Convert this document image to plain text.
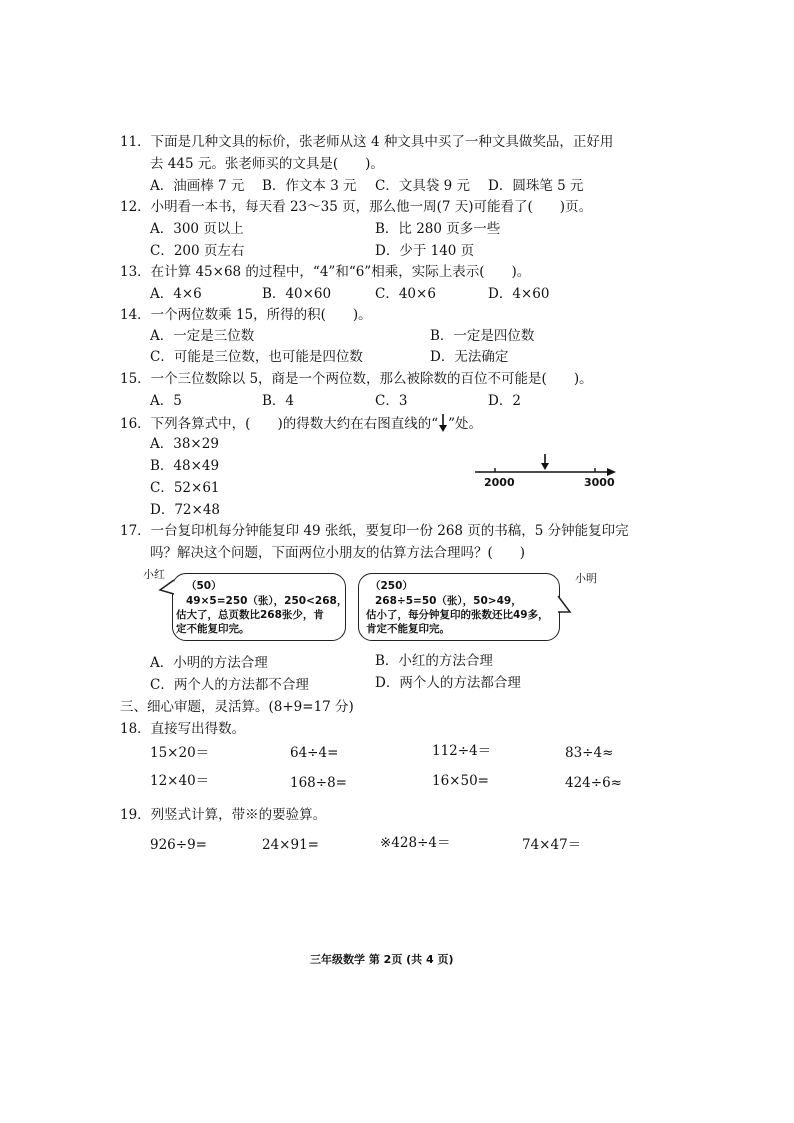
11．下面是几种文具的标价，张老师从这 4 种文具中买了一种文具做奖品，正好用
去 445 元。张老师买的文具是(　　)。
A．油画棒 7 元 B．作文本 3 元 C．文具袋 9 元 D．圆珠笔 5 元
12．小明看一本书，每天看 23～35 页，那么他一周(7 天)可能看了(　　)页。
A．300 页以上	B．比 280 页多一些
C．200 页左右	D．少于 140 页
13．在计算 45×68 的过程中，“4”和“6”相乘，实际上表示(　　)。
A．4×6	B．40×60	C．40×6	D．4×60
14．一个两位数乘 15，所得的积(　　)。
A．一定是三位数	B．一定是四位数
C．可能是三位数，也可能是四位数	D．无法确定
15．一个三位数除以 5，商是一个两位数，那么被除数的百位不可能是(　　)。
A．5	B．4	C．3	D．2
16．下列各算式中，(　　)的得数大约在右图直线的“ ”处。
A．38×29
B．48×49
C．52×61
D．72×48
2000	3000
17．一台复印机每分钟能复印 49 张纸，要复印一份 268 页的书稿，5 分钟能复印完
吗？解决这个问题，下面两位小朋友的估算方法合理吗？(　　)
小红
（50）
49×5=250（张），250<268，
估大了，总页数比268张少，肯
定不能复印完。
小明
（250）
268÷5=50（张），50>49，
估小了，每分钟复印的张数还比49多，
肯定不能复印完。
A．小明的方法合理	B．小红的方法合理
C．两个人的方法都不合理	D．两个人的方法都合理
三、细心审题，灵活算。(8+9=17 分)
18．直接写出得数。
15×20＝	64÷4=	112÷4＝	83÷4≈
12×40＝	168÷8=	16×50=	424÷6≈
19．列竖式计算，带※的要验算。
926÷9=	24×91=	※428÷4＝	74×47＝
三年级数学 第 2页 (共 4 页)
